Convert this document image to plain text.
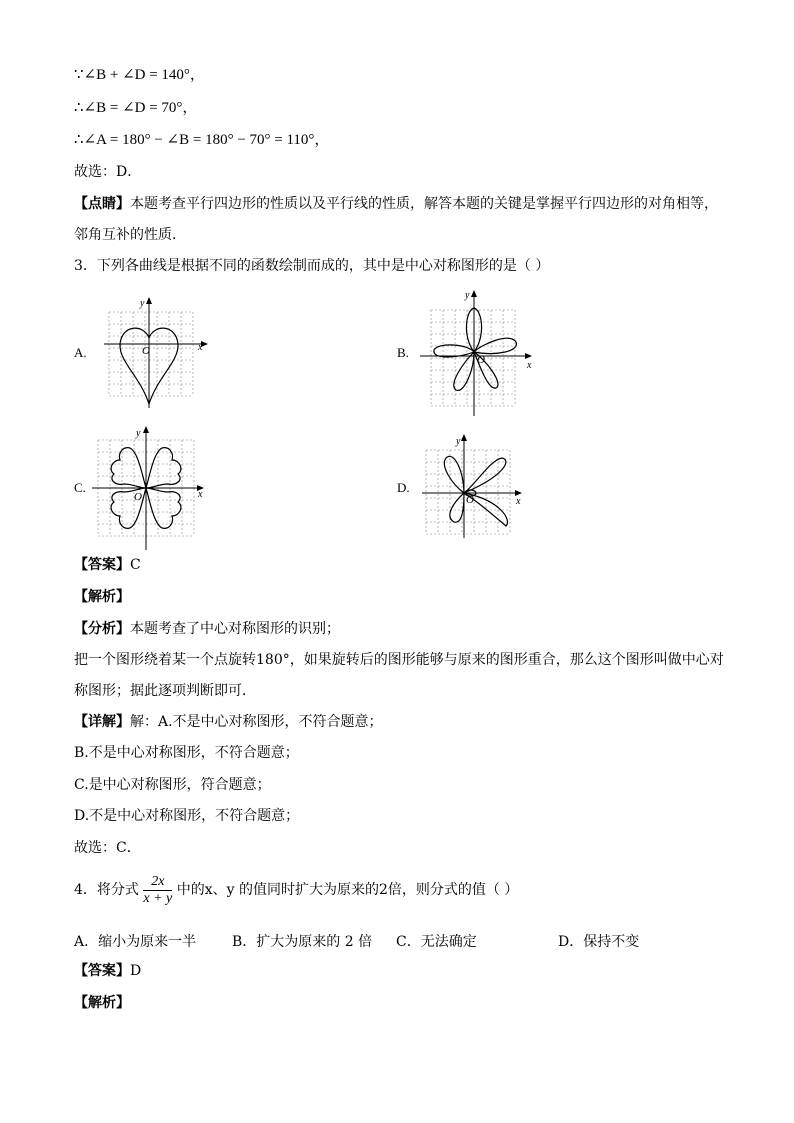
∵∠B + ∠D = 140°，
∴∠B = ∠D = 70°，
∴∠A = 180° − ∠B = 180° − 70° = 110°，
故选：D．
【点睛】本题考查平行四边形的性质以及平行线的性质，解答本题的关键是掌握平行四边形的对角相等，
邻角互补的性质．
3．下列各曲线是根据不同的函数绘制而成的，其中是中心对称图形的是（ ）
A.	O	x
y
B.	O	x
y
C.
O	x
y
D.
O	x
y
【答案】C
【解析】
【分析】本题考查了中心对称图形的识别；
把一个图形绕着某一个点旋转180°，如果旋转后的图形能够与原来的图形重合，那么这个图形叫做中心对
称图形；据此逐项判断即可．
【详解】解：A.不是中心对称图形，不符合题意；
B.不是中心对称图形，不符合题意；
C.是中心对称图形，符合题意；
D.不是中心对称图形，不符合题意；
故选：C．
4．将分式 $\frac{2x}{x + y}$ 中的x、y 的值同时扩大为原来的2倍，则分式的值（ ）
A．缩小为原来一半	B．扩大为原来的 2 倍 C．无法确定	D．保持不变
【答案】D
【解析】
